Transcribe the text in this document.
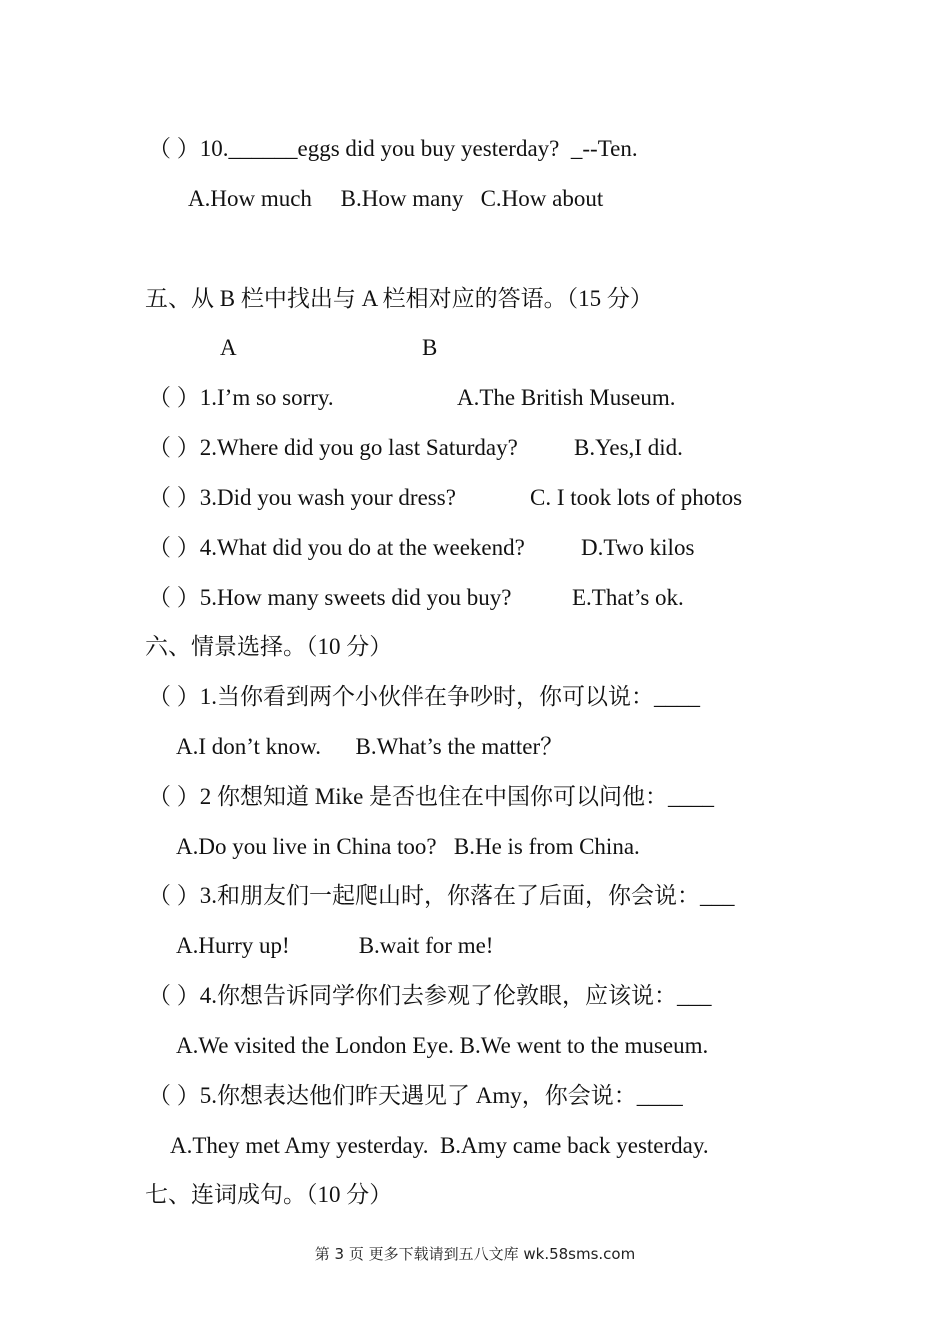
（ ）10.______eggs did you buy yesterday?  _--Ten.
A.How much     B.How many   C.How about
五、从 B 栏中找出与 A 栏相对应的答语。（15 分）
A	B
（ ）1.I’m so sorry.	A.The British Museum.
（ ）2.Where did you go last Saturday? B.Yes,I did.
（ ）3.Did you wash your dress?	C. I took lots of photos
（ ）4.What did you do at the weekend? D.Two kilos
（ ）5.How many sweets did you buy?	E.That’s ok.
六、情景选择。（10 分）
（ ）1.当你看到两个小伙伴在争吵时，你可以说：____
A.I don’t know.      B.What’s the matter？
（ ）2 你想知道 Mike 是否也住在中国你可以问他：____
A.Do you live in China too?   B.He is from China.
（ ）3.和朋友们一起爬山时，你落在了后面，你会说：___
A.Hurry up!            B.wait for me!
（ ）4.你想告诉同学你们去参观了伦敦眼，应该说：___
A.We visited the London Eye. B.We went to the museum.
（ ）5.你想表达他们昨天遇见了 Amy，你会说：____
A.They met Amy yesterday.  B.Amy came back yesterday.
七、连词成句。（10 分）
第 3 页 更多下载请到五八文库 wk.58sms.com
